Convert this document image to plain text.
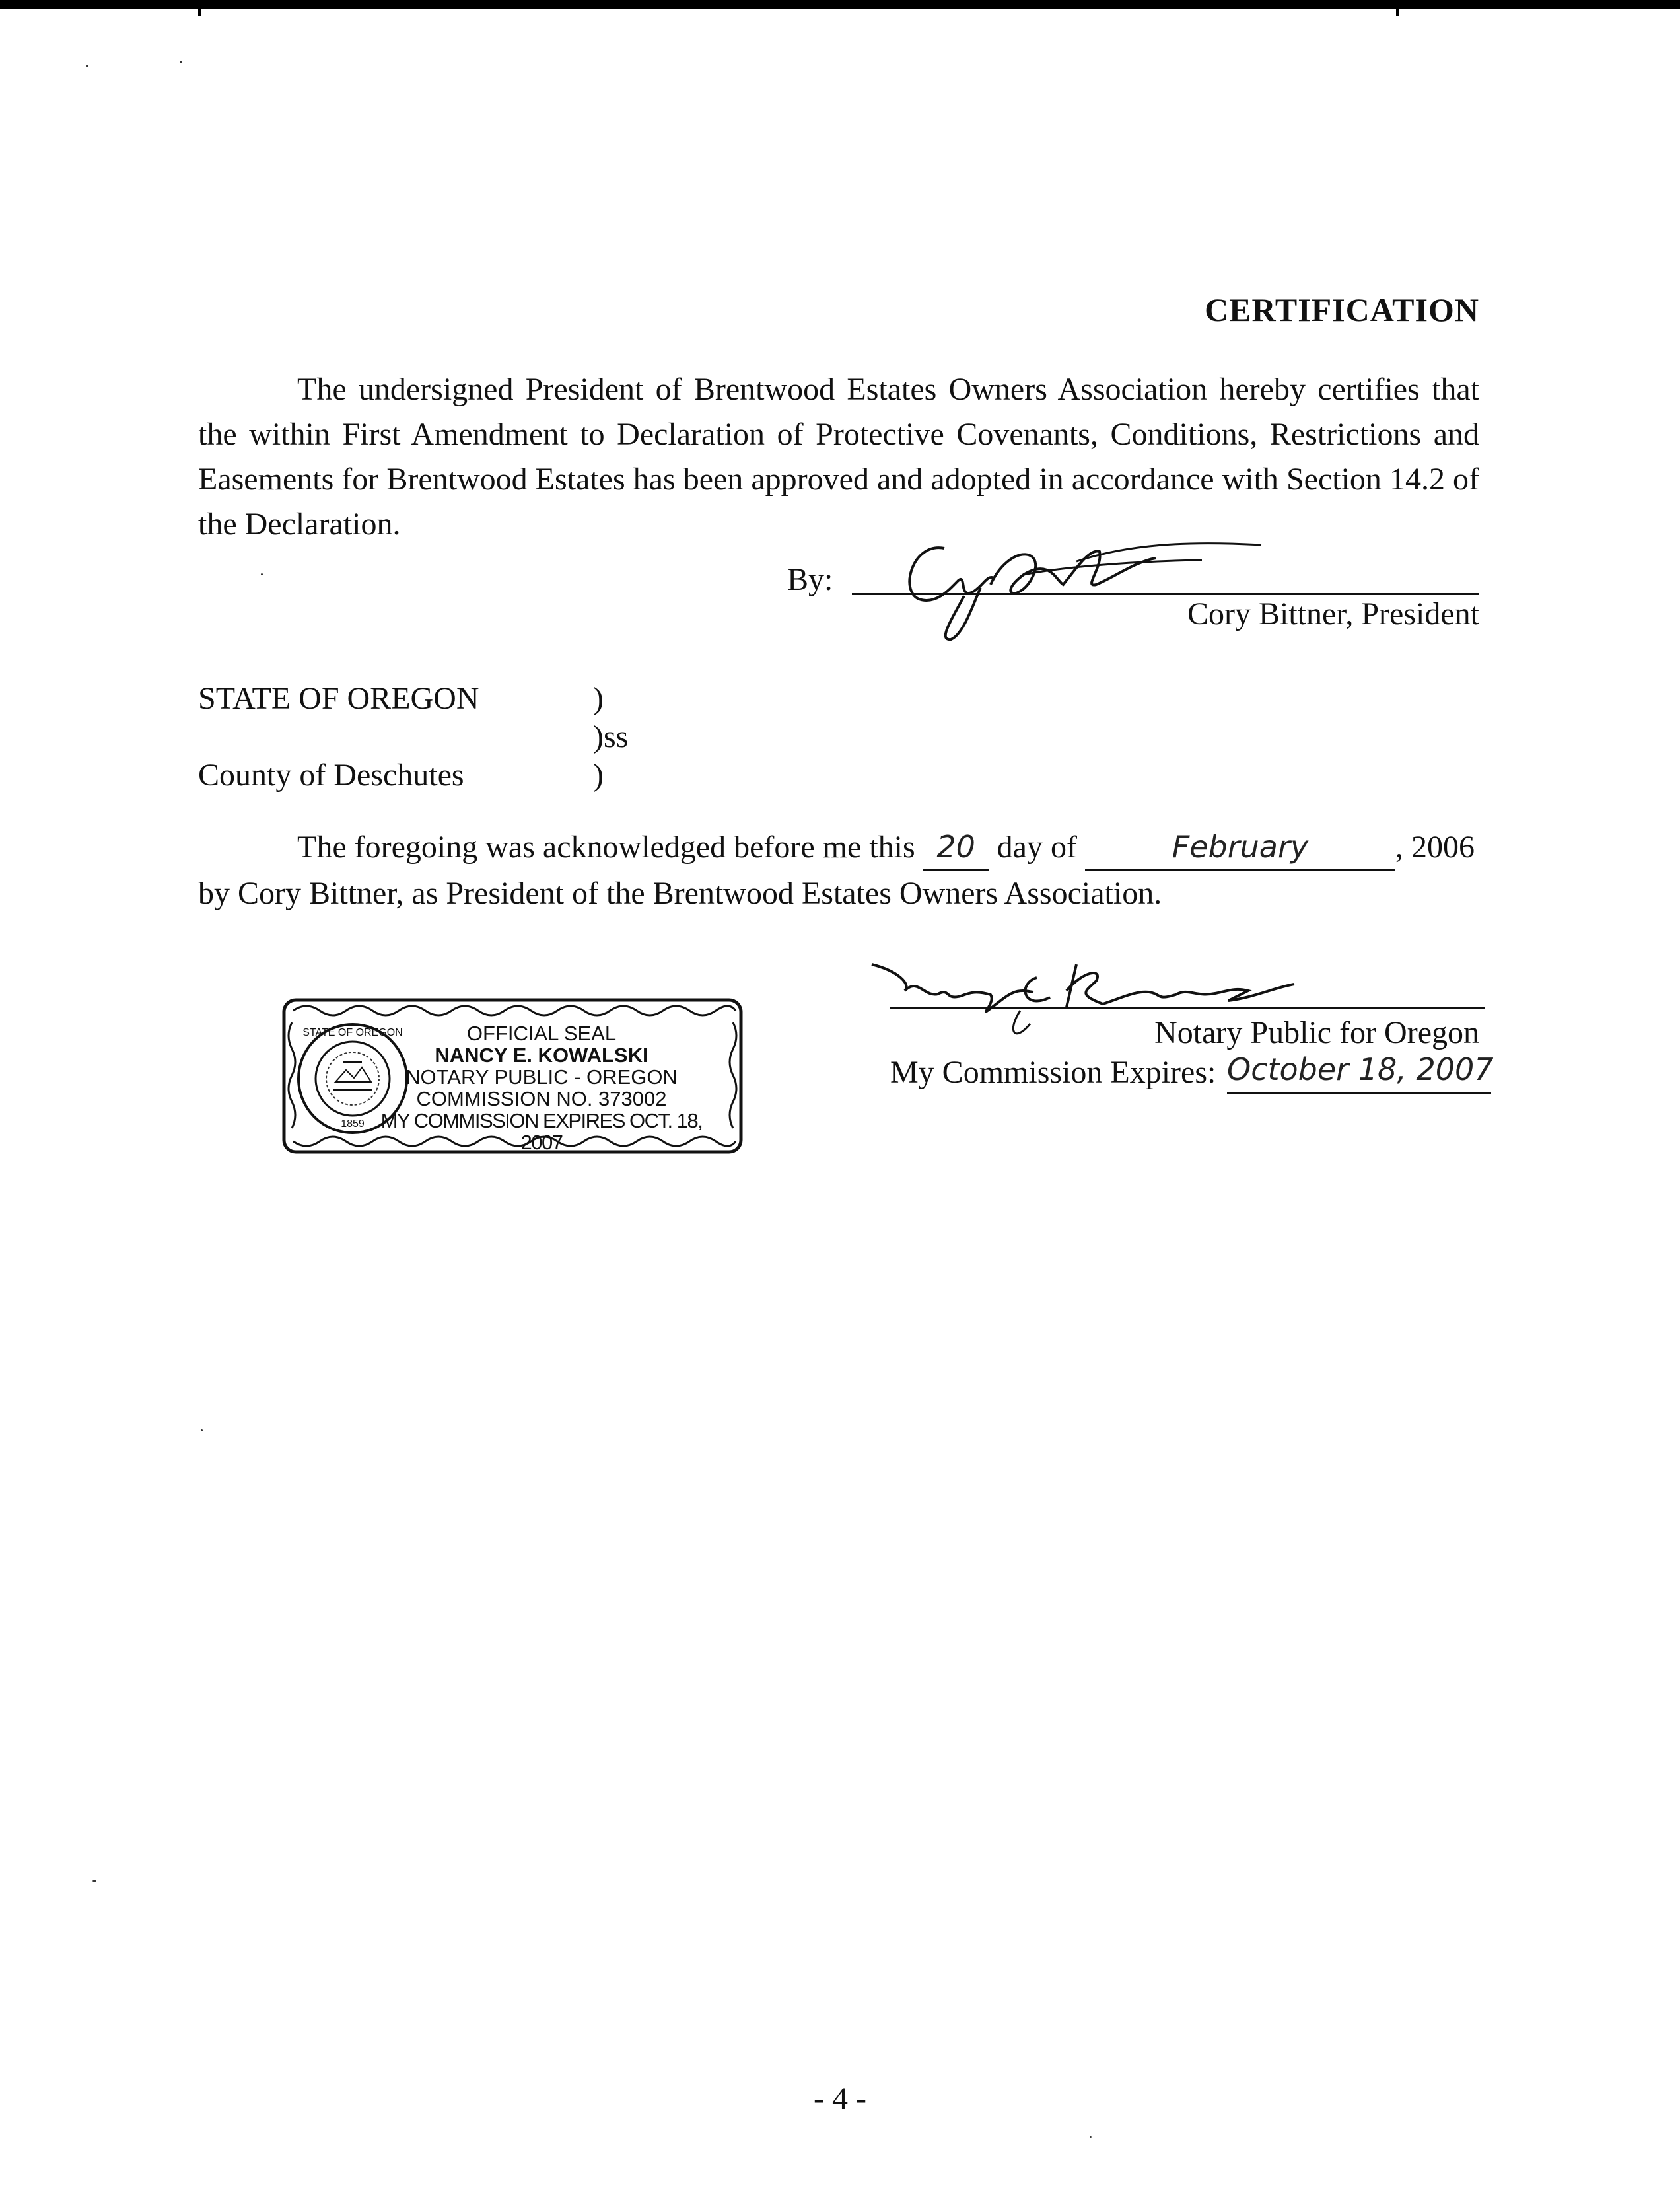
CERTIFICATION
The undersigned President of Brentwood Estates Owners Association hereby certifies that the within First Amendment to Declaration of Protective Covenants, Conditions, Restrictions and Easements for Brentwood Estates has been approved and adopted in accordance with Section 14.2 of the Declaration.
By:
Cory Bittner, President
STATE OF OREGON	)
)ss
County of Deschutes	)
The foregoing was acknowledged before me this 20 day of	February	, 2006
by Cory Bittner, as President of the Brentwood Estates Owners Association.
Notary Public for Oregon
My Commission Expires: October 18, 2007
STATE OF OREGON
1859
OFFICIAL SEAL
NANCY E. KOWALSKI
NOTARY PUBLIC - OREGON
COMMISSION NO. 373002
MY COMMISSION EXPIRES OCT. 18, 2007
- 4 -
